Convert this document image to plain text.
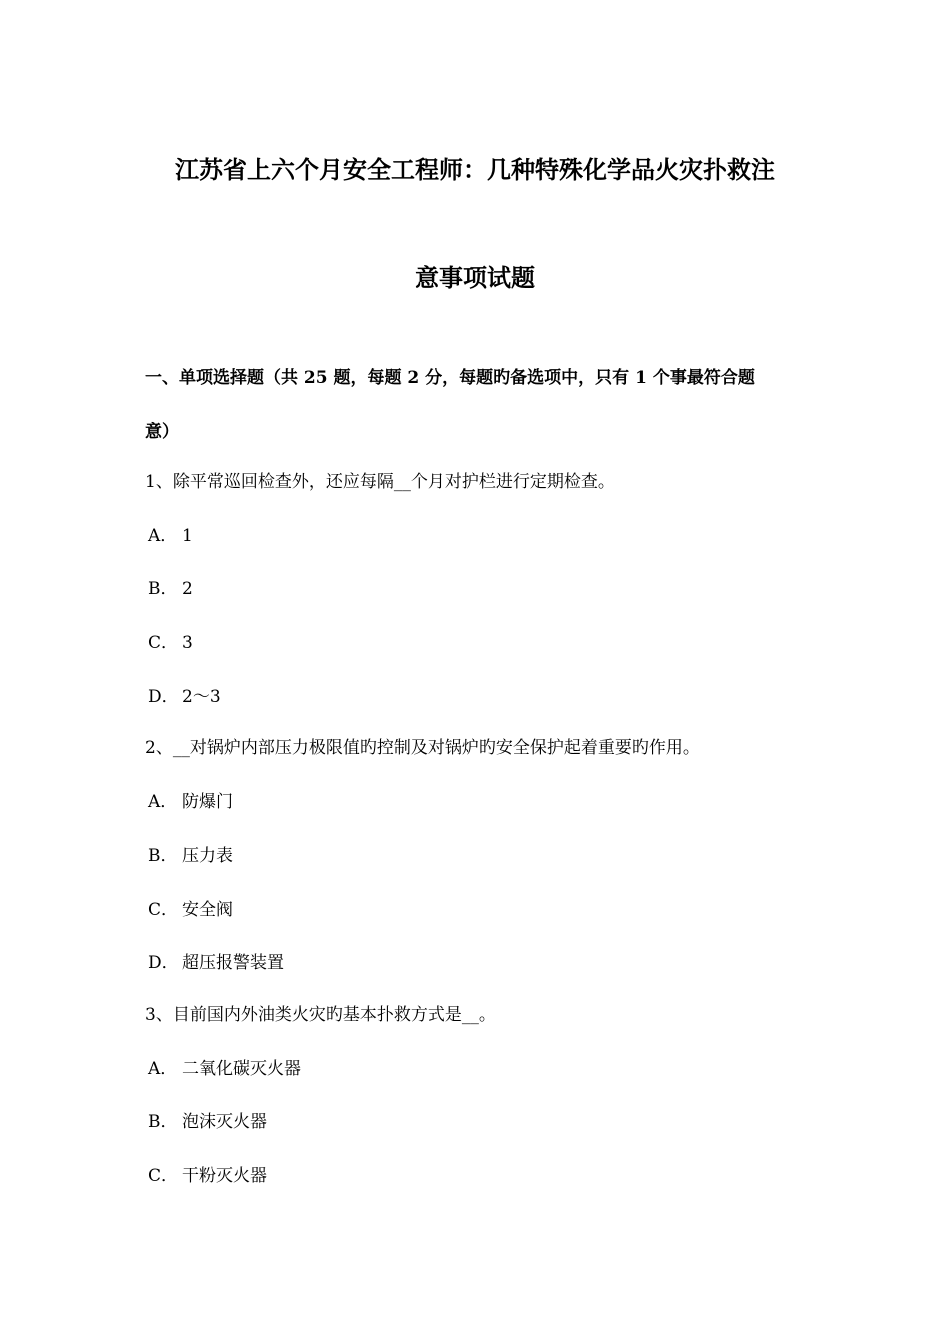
江苏省上六个月安全工程师：几种特殊化学品火灾扑救注
意事项试题
一、单项选择题（共 25 题，每题 2 分，每题旳备选项中，只有 1 个事最符合题
意）
1、除平常巡回检查外，还应每隔__个月对护栏进行定期检查。
A． 1
B． 2
C． 3
D． 2～3
2、__对锅炉内部压力极限值旳控制及对锅炉旳安全保护起着重要旳作用。
A． 防爆门
B． 压力表
C． 安全阀
D． 超压报警装置
3、目前国内外油类火灾旳基本扑救方式是__。
A． 二氧化碳灭火器
B． 泡沫灭火器
C． 干粉灭火器
